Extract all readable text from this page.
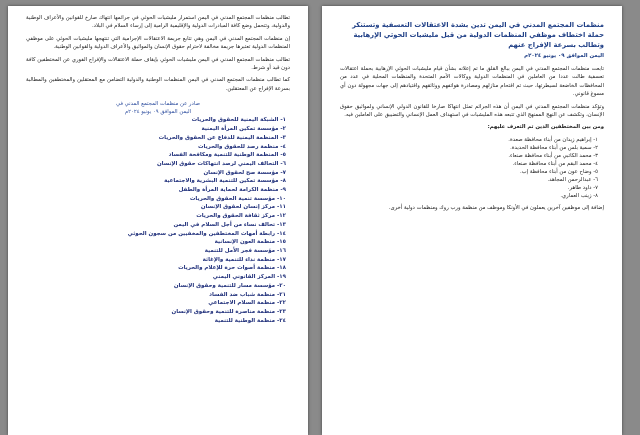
منظمات المجتمع المدني في اليمن تدين بشدة الاعتقالات التعسفية وتستنكر حملة اختطاف موظفي المنظمات الدولية من قبل مليشيات الحوثي الإرهابية وتطالب بسرعة الإفراج عنهم
اليمن الموافق ٠٩ يونيو ٢٠٢٤م

تابعت منظمات المجتمع المدني في اليمن ببالغ القلق ما تم إعلانه بشأن قيام مليشيات الحوثي الإرهابية بحملة اعتقالات تعسفية طالت عددا من العاملين في المنظمات الدولية ووكالات الأمم المتحدة والمنظمات المحلية في عدد من المحافظات الخاضعة لسيطرتها، حيث تم اقتحام منازلهم ومصادرة هواتفهم ووثائقهم واقتيادهم إلى جهات مجهولة دون أي مسوغ قانوني.

وتؤكد منظمات المجتمع المدني في اليمن أن هذه الجرائم تمثل انتهاكا صارخا للقانون الدولي الإنساني ولمواثيق حقوق الإنسان، وتكشف عن النهج الممنهج الذي تتبعه هذه المليشيات في استهداف العمل الإنساني والتضييق على العاملين فيه.

ومن بين المختطفين الذين تم التعرف عليهم:

١- إبراهيم زيدان من أبناء محافظة صعدة.
٢- سمية بلس من أبناء محافظة الحديدة.
٣- محمد الكاتبي من أبناء محافظة صنعاء.
٤- محمد البقم من أبناء محافظة صنعاء.
٥- وضاح عون من أبناء محافظة إب.
٦- عبدالرحمن المجاهد.
٧- داود طاهر.
٨- زينب العماري.

إضافة إلى موظفين آخرين يعملون في الأونكا وموظف من منظمة ورب روك ومنظمات دولية أخرى.

تطالب منظمات المجتمع المدني في اليمن استمرار مليشيات الحوثي في جرائمها انتهاك صارخ للقوانين والأعراف الوطنية والدولية، وتتحمل وضع كافة المبادرات الدولية والإقليمية الرامية إلى إرساء السلام في البلاد.

إن منظمات المجتمع المدني في اليمن وهي تتابع جريمة الاعتقالات الإجرامية التي تنتهجها مليشيات الحوثي على موظفي المنظمات الدولية تعتبرها جريمة مخالفة لاحترام حقوق الإنسان والمواثيق والأعراف الدولية والقوانين الوطنية.

تطالب منظمات المجتمع المدني في اليمن مليشيات الحوثي بإيقاف حملة الاعتقالات والإفراج الفوري عن المختطفين كافة دون قيد أو شرط.

كما تطالب منظمات المجتمع المدني في اليمن المنظمات الوطنية والدولية التضامن مع المعتقلين والمختطفين والمطالبة بسرعة الإفراج عن المعتقلين.

صادر عن منظمات المجتمع المدني في
اليمن الموافق ٠٩ يونيو ٢٠٢٤م
١- الشبكة اليمنية للحقوق والحريات
٢- مؤسسة تمكين المرأة اليمنية
٣- المنظمة اليمنية للدفاع عن الحقوق والحريات
٤- منظمة رصد للحقوق والحريات
٥- المنظمة الوطنية للتنمية ومكافحة الفساد
٦- التحالف اليمني لرصد انتهاكات حقوق الإنسان
٧- مؤسسة صح لحقوق الإنسان
٨- مؤسسة تمكين للتنمية البشرية والاجتماعية
٩- منظمة الكرامة لحماية المرأة والطفل
١٠- مؤسسة تنمية الحقوق والحريات
١١- مركز إنسان لحقوق الإنسان
١٢- مركز ثقافة الحقوق والحريات
١٣- تحالف نساء من أجل السلام في اليمن
١٤- رابطة أمهات المختطفين والمخفيين من سجون الحوثي
١٥- منظمة العون الإنسانية
١٦- مؤسسة فجر الأمل للتنمية
١٧- منظمة نداء للتنمية والإغاثة
١٨- منظمة أصوات حرة للإعلام والحريات
١٩- المركز القانوني اليمني
٢٠- مؤسسة مسار للتنمية وحقوق الإنسان
٢١- منظمة شباب ضد الفساد
٢٢- منظمة السلام الاجتماعي
٢٣- منظمة مناصرة للتنمية وحقوق الإنسان
٢٤- منظمة الوطنية للتنمية
